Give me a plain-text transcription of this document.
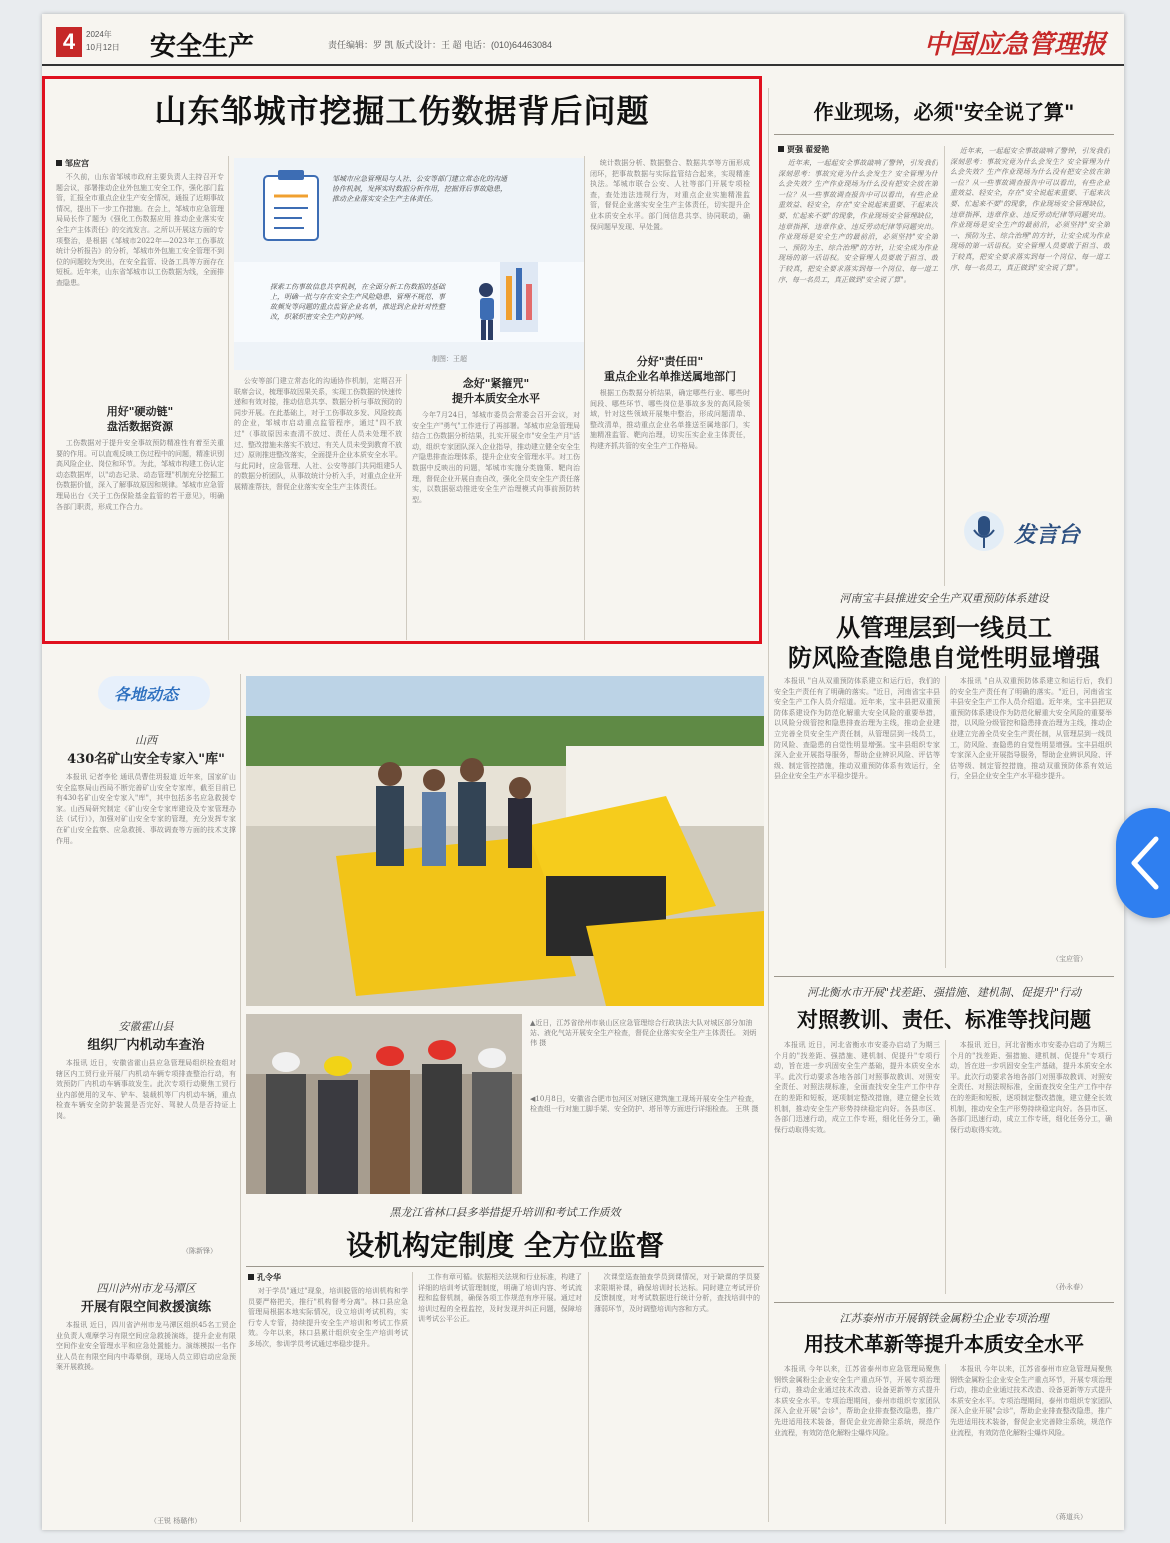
4	2024年
10月12日 安全生产	责任编辑：罗 凯 版式设计：王 超 电话：(010)64463084	中国应急管理报
山东邹城市挖掘工伤数据背后问题
邹应宫

不久前，山东省邹城市政府主要负责人主持召开专题会议，部署推动企业外包施工安全工作，强化部门监管，汇报全市重点企业生产安全情况，通报了近期事故情况，提出下一步工作措施。在会上，邹城市应急管理局局长作了题为《强化工伤数据应用 推动企业落实安全生产主体责任》的交流发言。之所以开展这方面的专项整治，是根据《邹城市2022年—2023年工伤事故统计分析报告》的分析，邹城市外包施工安全管理不到位的问题较为突出，在安全监管、设备工具等方面存在短板。近年来，山东省邹城市以工伤数据为线，全面排查隐患。

用好"硬动链"
盘活数据资源

工伤数据对于提升安全事故预防精准性有着至关重要的作用。可以直观反映工伤过程中的问题，精准识别高风险企业、岗位和环节。为此，邹城市构建工伤认定动态数据库，以"动态记录、动态管理"机制充分挖掘工伤数据价值，深入了解事故原因和规律。邹城市应急管理局出台《关于工伤保险基金监管的若干意见》，明确各部门职责，形成工作合力。

邹城市应急管理局与人社、公安等部门建立常态化的沟通协作机制，发挥实时数据分析作用，挖掘背后事故隐患，推动企业落实安全生产主体责任。
探索工伤事故信息共享机制，在全面分析工伤数据的基础上，明确一批与存在安全生产风险隐患、管理不规范、事故频发等问题的重点监管企业名单，推进到企业针对性整改，织紧织密安全生产防护网。
制图：王超

公安等部门建立常态化的沟通协作机制，定期召开联席会议，梳理事故因果关系，实现工伤数据的快速传递和有效对接，推动信息共享、数据分析与事故预防的同步开展。在此基础上，对于工伤事故多发、风险较高的企业，邹城市启动重点监管程序，通过"四不放过"（事故原因未查清不放过、责任人员未处理不放过、整改措施未落实不放过、有关人员未受到教育不放过）原则推进整改落实，全面提升企业本质安全水平。与此同时，应急管理、人社、公安等部门共同组建5人的数据分析团队，从事故统计分析入手，对重点企业开展精准帮扶，督促企业落实安全生产主体责任。

念好"紧箍咒"
提升本质安全水平

今年7月24日，邹城市委员会常委会召开会议，对安全生产"勇气"工作进行了再部署。邹城市应急管理局结合工伤数据分析结果，扎实开展全市"安全生产月"活动，组织专家团队深入企业指导，推动建立健全安全生产隐患排查治理体系，提升企业安全管理水平。对工伤数据中反映出的问题，邹城市实施分类施策、靶向治理，督促企业开展自查自改，强化全员安全生产责任落实，以数据驱动推进安全生产治理模式向事前预防转型。

统计数据分析、数据整合、数据共享等方面形成闭环，把事故数据与实际监管结合起来，实现精准执法。邹城市联合公安、人社等部门开展专项检查，查处违法违规行为，对重点企业实施精准监管，督促企业落实安全生产主体责任，切实提升企业本质安全水平。部门间信息共享、协同联动，确保问题早发现、早处置。

分好"责任田"
重点企业名单推送属地部门

根据工伤数据分析结果，确定哪些行业、哪些时间段、哪些环节、哪些岗位是事故多发的高风险领域，针对这些领域开展集中整治，形成问题清单、整改清单，推动重点企业名单推送至属地部门，实施精准监管、靶向治理，切实压实企业主体责任，构建齐抓共管的安全生产工作格局。

作业现场，必须"安全说了算"
贾强 翟爱艳

近年来，一起起安全事故敲响了警钟，引发我们深刻思考：事故究竟为什么会发生？安全管理为什么会失效？生产作业现场为什么没有把安全放在第一位？从一些事故调查报告中可以看出，有些企业重效益、轻安全，存在"安全说起来重要、干起来次要、忙起来不要"的现象，作业现场安全管理缺位，违章指挥、违章作业、违反劳动纪律等问题突出。作业现场是安全生产的最前沿，必须坚持"安全第一、预防为主、综合治理"的方针，让安全成为作业现场的第一话语权。安全管理人员要敢于担当、敢于较真，把安全要求落实到每一个岗位、每一道工序、每一名员工，真正做到"安全说了算"。

近年来，一起起安全事故敲响了警钟，引发我们深刻思考：事故究竟为什么会发生？安全管理为什么会失效？生产作业现场为什么没有把安全放在第一位？从一些事故调查报告中可以看出，有些企业重效益、轻安全，存在"安全说起来重要、干起来次要、忙起来不要"的现象，作业现场安全管理缺位，违章指挥、违章作业、违反劳动纪律等问题突出。作业现场是安全生产的最前沿，必须坚持"安全第一、预防为主、综合治理"的方针，让安全成为作业现场的第一话语权。安全管理人员要敢于担当、敢于较真，把安全要求落实到每一个岗位、每一道工序、每一名员工，真正做到"安全说了算"。

发言台
河南宝丰县推进安全生产双重预防体系建设
从管理层到一线员工
防风险查隐患自觉性明显增强

本报讯 "自从双重预防体系建立和运行后，我们的安全生产责任有了明确的落实。"近日，河南省宝丰县安全生产工作人员介绍道。近年来，宝丰县把双重预防体系建设作为防范化解重大安全风险的重要举措，以风险分级管控和隐患排查治理为主线，推动企业建立完善全员安全生产责任制，从管理层到一线员工，防风险、查隐患的自觉性明显增强。宝丰县组织专家深入企业开展指导服务，帮助企业辨识风险、评估等级、制定管控措施，推动双重预防体系有效运行，全县企业安全生产水平稳步提升。

本报讯 "自从双重预防体系建立和运行后，我们的安全生产责任有了明确的落实。"近日，河南省宝丰县安全生产工作人员介绍道。近年来，宝丰县把双重预防体系建设作为防范化解重大安全风险的重要举措，以风险分级管控和隐患排查治理为主线，推动企业建立完善全员安全生产责任制，从管理层到一线员工，防风险、查隐患的自觉性明显增强。宝丰县组织专家深入企业开展指导服务，帮助企业辨识风险、评估等级、制定管控措施，推动双重预防体系有效运行，全县企业安全生产水平稳步提升。

（宝应管）
河北衡水市开展"找差距、强措施、建机制、促提升"行动
对照教训、责任、标准等找问题

本报讯 近日，河北省衡水市安委办启动了为期三个月的"找差距、强措施、建机制、促提升"专项行动，旨在进一步巩固安全生产基础，提升本质安全水平。此次行动要求各地各部门对照事故教训、对照安全责任、对照法规标准，全面查找安全生产工作中存在的差距和短板，逐项制定整改措施，建立健全长效机制，推动安全生产形势持续稳定向好。各县市区、各部门迅速行动，成立工作专班，细化任务分工，确保行动取得实效。

本报讯 近日，河北省衡水市安委办启动了为期三个月的"找差距、强措施、建机制、促提升"专项行动，旨在进一步巩固安全生产基础，提升本质安全水平。此次行动要求各地各部门对照事故教训、对照安全责任、对照法规标准，全面查找安全生产工作中存在的差距和短板，逐项制定整改措施，建立健全长效机制，推动安全生产形势持续稳定向好。各县市区、各部门迅速行动，成立工作专班，细化任务分工，确保行动取得实效。

（孙永春）
江苏泰州市开展钢铁金属粉尘企业专项治理
用技术革新等提升本质安全水平

本报讯 今年以来，江苏省泰州市应急管理局聚焦钢铁金属粉尘企业安全生产重点环节，开展专项治理行动，推动企业通过技术改造、设备更新等方式提升本质安全水平。专项治理期间，泰州市组织专家团队深入企业开展"会诊"，帮助企业排查整改隐患，推广先进适用技术装备，督促企业完善除尘系统，规范作业流程，有效防范化解粉尘爆炸风险。

本报讯 今年以来，江苏省泰州市应急管理局聚焦钢铁金属粉尘企业安全生产重点环节，开展专项治理行动，推动企业通过技术改造、设备更新等方式提升本质安全水平。专项治理期间，泰州市组织专家团队深入企业开展"会诊"，帮助企业排查整改隐患，推广先进适用技术装备，督促企业完善除尘系统，规范作业流程，有效防范化解粉尘爆炸风险。

（蒋道兵）
各地动态
山西
430名矿山安全专家入"库"

本报讯 记者李伦 通讯员曹佳玥报道 近年来，国家矿山安全监察局山西局不断完善矿山安全专家库，截至目前已有430名矿山安全专家入"库"，其中包括多名应急救援专家。山西局研究制定《矿山安全专家库建设及专家管理办法（试行）》，加强对矿山安全专家的管理，充分发挥专家在矿山安全监察、应急救援、事故调查等方面的技术支撑作用。

安徽霍山县
组织厂内机动车查治

本报讯 近日，安徽省霍山县应急管理局组织检查组对辖区内工贸行业开展厂内机动车辆专项排查整治行动，有效预防厂内机动车辆事故发生。此次专项行动聚焦工贸行业内部使用的叉车、铲车、装载机等厂内机动车辆，重点检查车辆安全防护装置是否完好、驾驶人员是否持证上岗。

（陈新锋）
四川泸州市龙马潭区
开展有限空间救援演练

本报讯 近日，四川省泸州市龙马潭区组织45名工贸企业负责人观摩学习有限空间应急救援演练，提升企业有限空间作业安全管理水平和应急处置能力。演练模拟一名作业人员在有限空间内中毒晕倒，现场人员立即启动应急预案开展救援。

（王锐 杨璐伟）
▲近日，江苏省徐州市泉山区应急管理综合行政执法大队对城区部分加油站、液化气站开展安全生产检查，督促企业落实安全生产主体责任。 刘炳伟 摄
◀10月8日，安徽省合肥市包河区对辖区建筑施工现场开展安全生产检查，检查组一行对施工脚手架、安全防护、塔吊等方面进行详细检查。 王琪 摄
黑龙江省林口县多举措提升培训和考试工作质效
设机构定制度 全方位监督
孔令华

对于学员"通过"现象，培训脱管的培训机构和学员要严格把关，推行"机构督考分离"。林口县应急管理局根据本地实际情况，设立培训考试机构，实行专人专管，持续提升安全生产培训和考试工作质效。今年以来，林口县累计组织安全生产培训考试多场次，参训学员考试通过率稳步提升。

工作有章可循。依据相关法规和行业标准，构建了详细的培训考试管理制度，明确了培训内容、考试流程和监督机制，确保各项工作规范有序开展。通过对培训过程的全程监控，及时发现并纠正问题，保障培训考试公平公正。

次课堂巡查抽查学员到课情况，对于缺课的学员要求限期补课，确保培训时长达标。同时建立考试评价反馈制度，对考试数据进行统计分析，查找培训中的薄弱环节，及时调整培训内容和方式。
